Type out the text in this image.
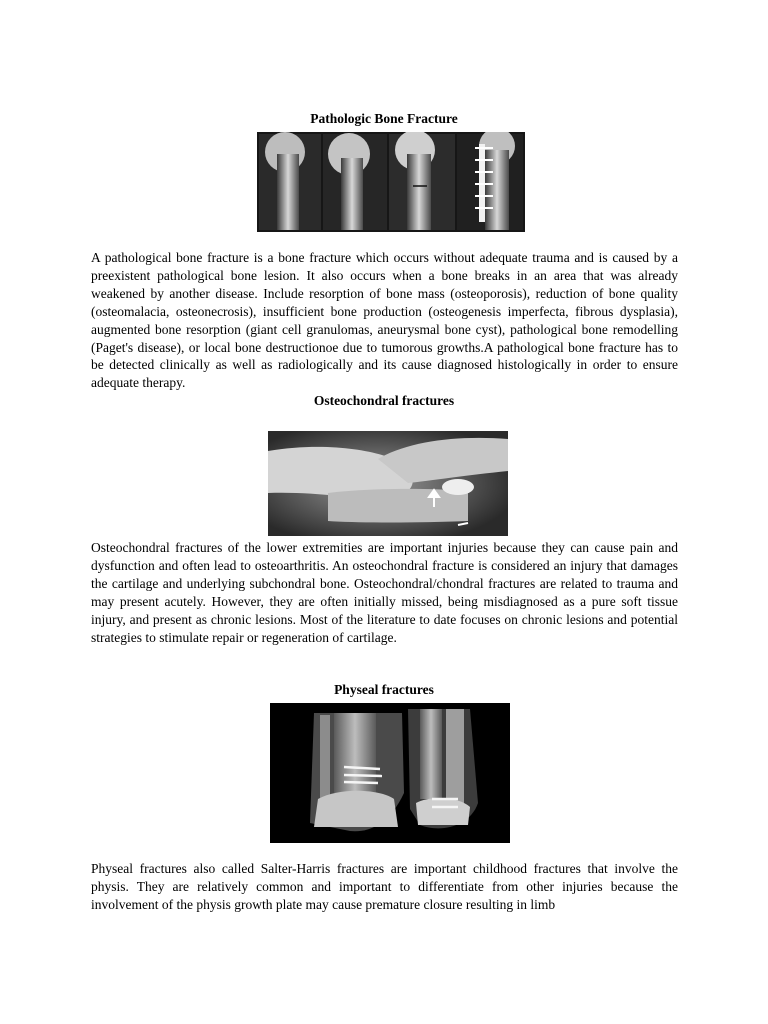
Pathologic Bone Fracture

A pathological bone fracture is a bone fracture which occurs without adequate trauma and is caused by a preexistent pathological bone lesion. It also occurs when a bone breaks in an area that was already weakened by another disease. Include resorption of bone mass (osteoporosis), reduction of bone quality (osteomalacia, osteonecrosis), insufficient bone production (osteogenesis imperfecta, fibrous dysplasia), augmented bone resorption (giant cell granulomas, aneurysmal bone cyst), pathological bone remodelling (Paget's disease), or local bone destructionoe due to tumorous growths.A pathological bone fracture has to be detected clinically as well as radiologically and its cause diagnosed histologically in order to ensure adequate therapy.

Osteochondral fractures

Osteochondral fractures of the lower extremities are important injuries because they can cause pain and dysfunction and often lead to osteoarthritis. An osteochondral fracture is considered an injury that damages the cartilage and underlying subchondral bone. Osteochondral/chondral fractures are related to trauma and may present acutely. However, they are often initially missed, being misdiagnosed as a pure soft tissue injury, and present as chronic lesions. Most of the literature to date focuses on chronic lesions and potential strategies to stimulate repair or regeneration of cartilage.

Physeal fractures

Physeal fractures also called Salter-Harris fractures are important childhood fractures that involve the physis. They are relatively common and important to differentiate from other injuries because the involvement of the physis growth plate may cause premature closure resulting in limb
